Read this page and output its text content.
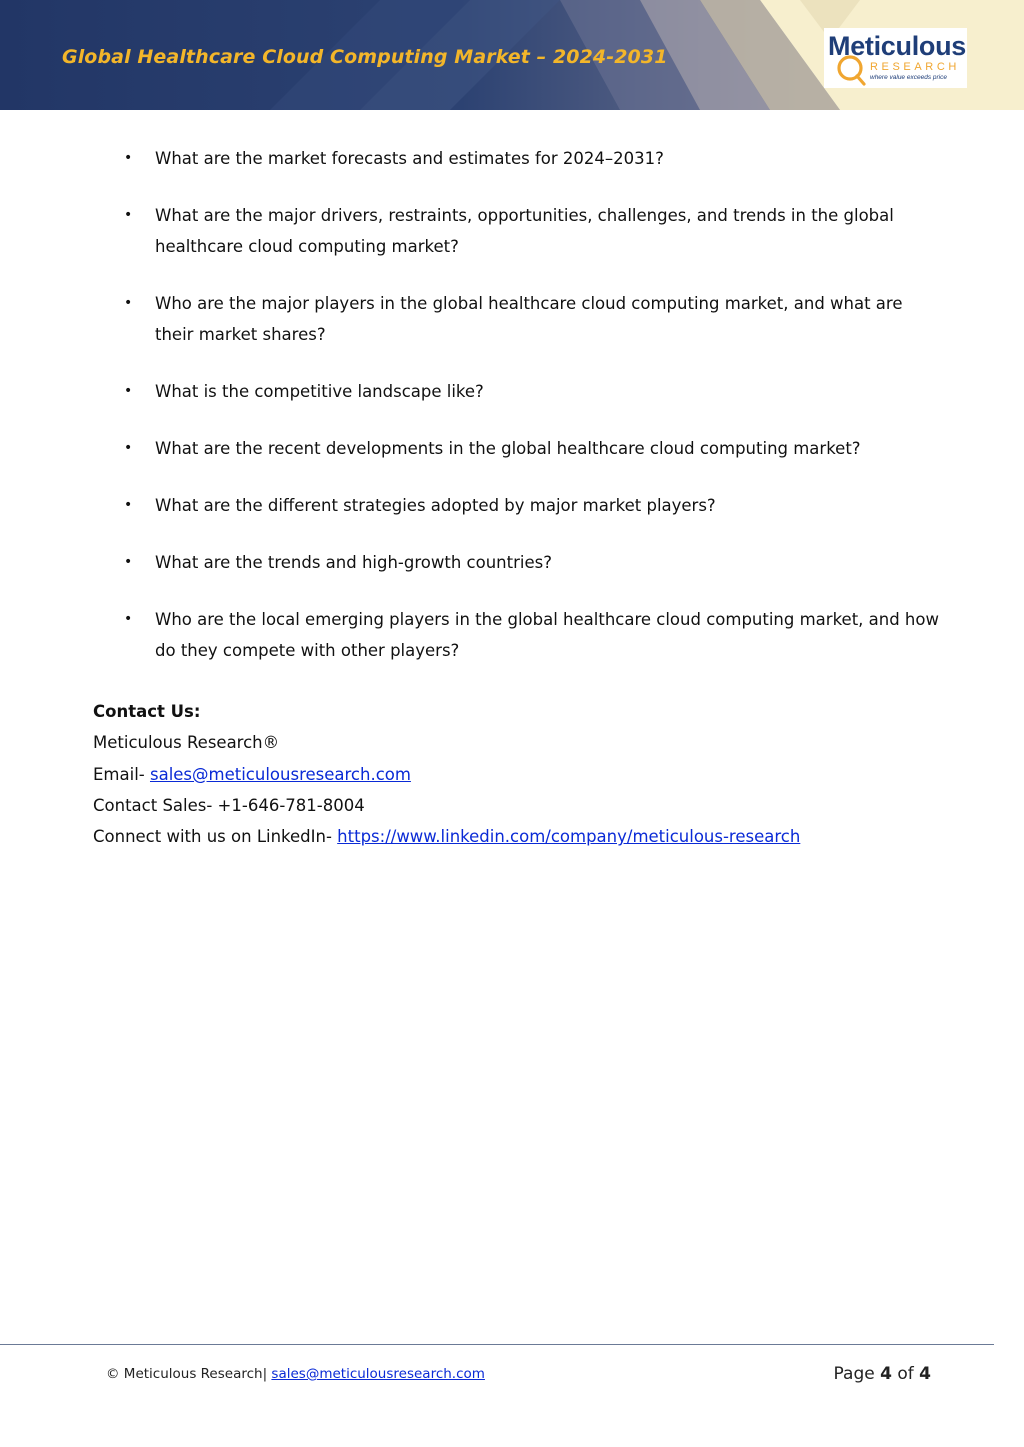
Global Healthcare Cloud Computing Market – 2024-2031	Meticulous
RESEARCH
where value exceeds price
• What are the market forecasts and estimates for 2024–2031?
• What are the major drivers, restraints, opportunities, challenges, and trends in the global healthcare cloud computing market?
• Who are the major players in the global healthcare cloud computing market, and what are their market shares?
• What is the competitive landscape like?
• What are the recent developments in the global healthcare cloud computing market?
• What are the different strategies adopted by major market players?
• What are the trends and high-growth countries?
• Who are the local emerging players in the global healthcare cloud computing market, and how do they compete with other players?
Contact Us:
Meticulous Research®
Email- sales@meticulousresearch.com
Contact Sales- +1-646-781-8004
Connect with us on LinkedIn- https://www.linkedin.com/company/meticulous-research
© Meticulous Research| sales@meticulousresearch.com	Page 4 of 4
